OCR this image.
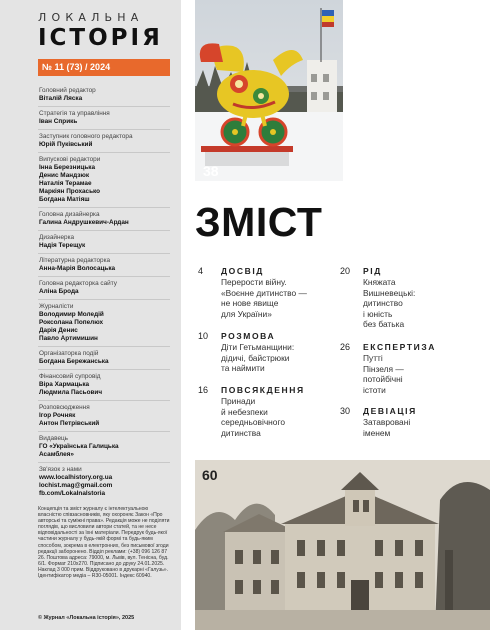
ЛОКАЛЬНА
ІСТОРІЯ
№ 11 (73) / 2024
Головний редактор
Віталій Ляска
Стратегія та управління
Іван Сприкь
Заступник головного редактора
Юрій Пуківський
Випускові редактори
Інна Березницька
Денис Мандзюк
Наталія Терамае
Маркіян Прохасько
Богдана Матіяш
Головна дизайнерка
Галина Андрушкевич-Ардан
Дизайнерка
Надія Терещук
Літературна редакторка
Анна-Марія Волосацька
Головна редакторка сайту
Аліна Брода
Журналісти
Володимир Моледій
Роксолана Попелюх
Дарія Денис
Павло Артимишин
Організаторка подій
Богдана Бережанська
Фінансовий супровід
Віра Хармацька
Людмила Пасьович
Розповсюдження
Ігор Рочняк
Антон Петрівський
Видавець
ГО «Українська Галицька
Асамблея»
Зв'язок з нами
www.localhistory.org.ua
lochist.mag@gmail.com
fb.com/Lokalnalstoria
Концепція та зміст журналу є інтелектуальною власністю співзасновників, яку охороняє Закон «Про авторські та суміжні права». Редакція може не поділяти поглядів, що висловили автори статей, та не несе відповідальності за їхні матеріали. Передрук будь-якої частини журналу у будь-якій формі та будь-яким способом, зокрема в електронних, без письмової згоди редакції заборонено. Відділ реклами: (+38) 096 126 87 26. Поштова адреса: 79000, м. Львів, вул. Тенісна, буд. 6/1. Формат 210х270. Підписано до друку 24.01.2025. Наклад 3 000 прим. Віддруковано в друкарні «Галузь». Ідентифікатор медіа – R30-05001. Індекс 60940.
© Журнал «Локальна історія», 2025
38
ЗМІСТ
4	ДОСВІД
Перерости війну.
«Воєнне дитинство —
не нове явище
для України»
10	РОЗМОВА
Діти Гетьманщини:
дідичі, байстрюки
та наймити
16	ПОВСЯКДЕННЯ
Принади
й небезпеки
середньовічного
дитинства
20	РІД
Княжата
Вишневецькі:
дитинство
і юність
без батька
26	ЕКСПЕРТИЗА
Путті
Пінзеля —
потойбічні
істоти
30	ДЕВІАЦІЯ
Затавровані
іменем
60
